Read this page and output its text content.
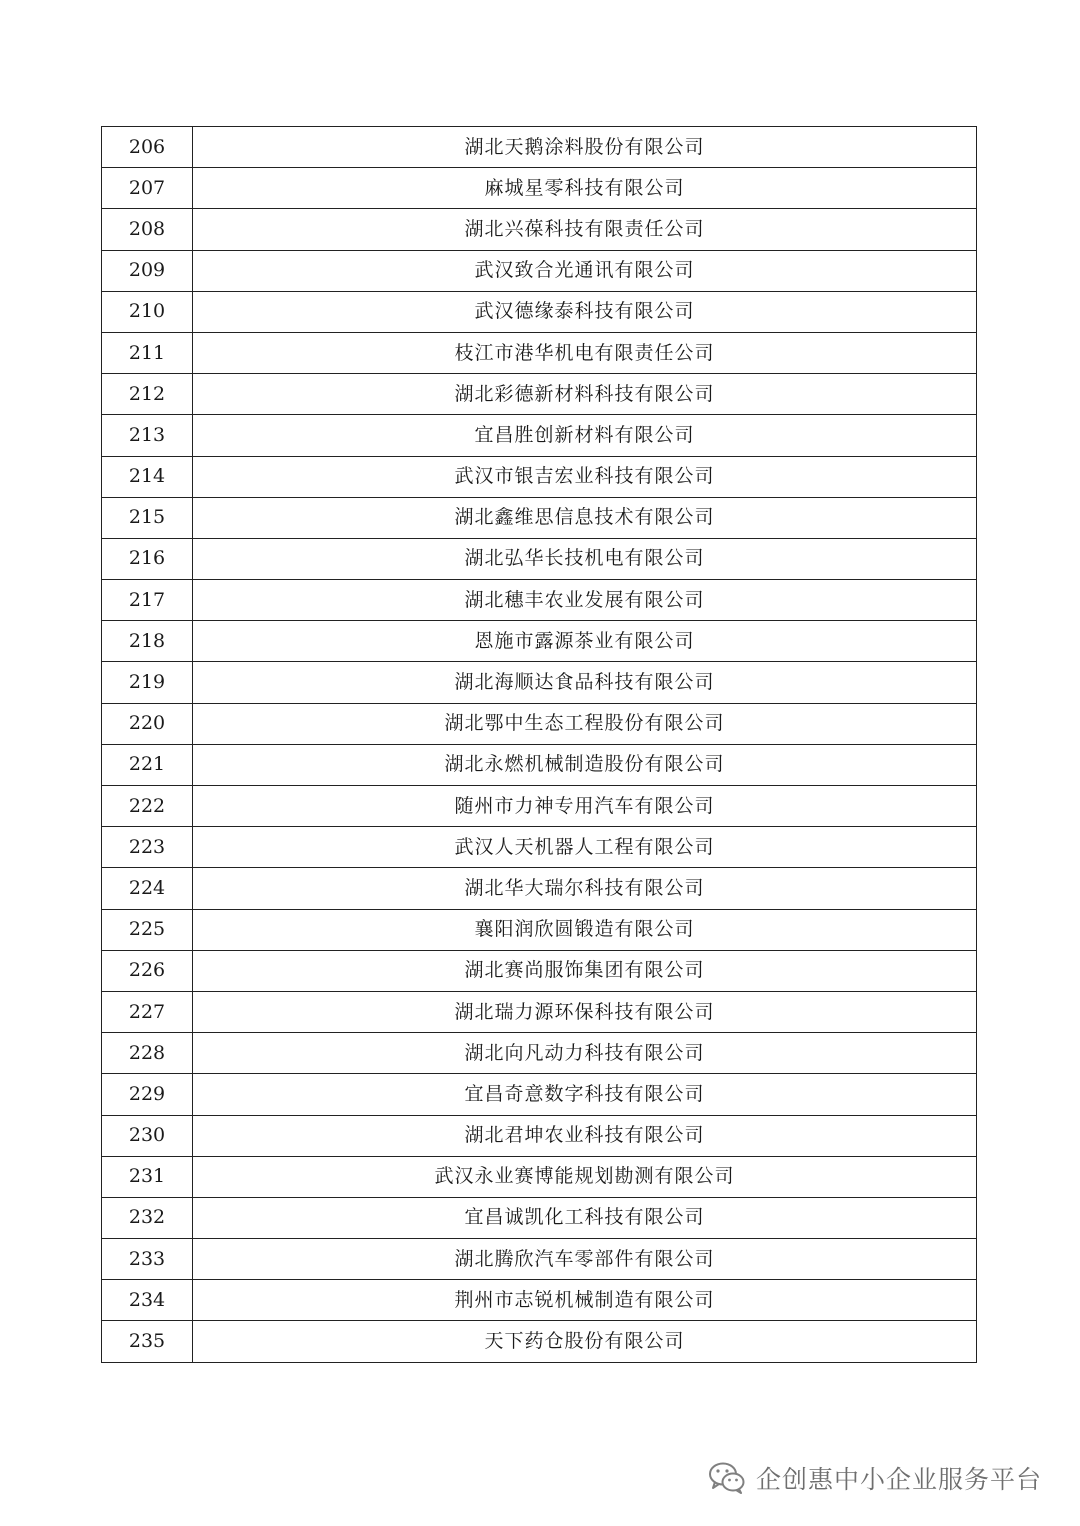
206	湖北天鹅涂料股份有限公司
207	麻城星零科技有限公司
208	湖北兴葆科技有限责任公司
209	武汉致合光通讯有限公司
210	武汉德缘泰科技有限公司
211	枝江市港华机电有限责任公司
212	湖北彩德新材料科技有限公司
213	宜昌胜创新材料有限公司
214	武汉市银吉宏业科技有限公司
215	湖北鑫维思信息技术有限公司
216	湖北弘华长技机电有限公司
217	湖北穗丰农业发展有限公司
218	恩施市露源茶业有限公司
219	湖北海顺达食品科技有限公司
220	湖北鄂中生态工程股份有限公司
221	湖北永燃机械制造股份有限公司
222	随州市力神专用汽车有限公司
223	武汉人天机器人工程有限公司
224	湖北华大瑞尔科技有限公司
225	襄阳润欣圆锻造有限公司
226	湖北赛尚服饰集团有限公司
227	湖北瑞力源环保科技有限公司
228	湖北向凡动力科技有限公司
229	宜昌奇意数字科技有限公司
230	湖北君坤农业科技有限公司
231	武汉永业赛博能规划勘测有限公司
232	宜昌诚凯化工科技有限公司
233	湖北腾欣汽车零部件有限公司
234	荆州市志锐机械制造有限公司
235	天下药仓股份有限公司
企创惠中小企业服务平台
